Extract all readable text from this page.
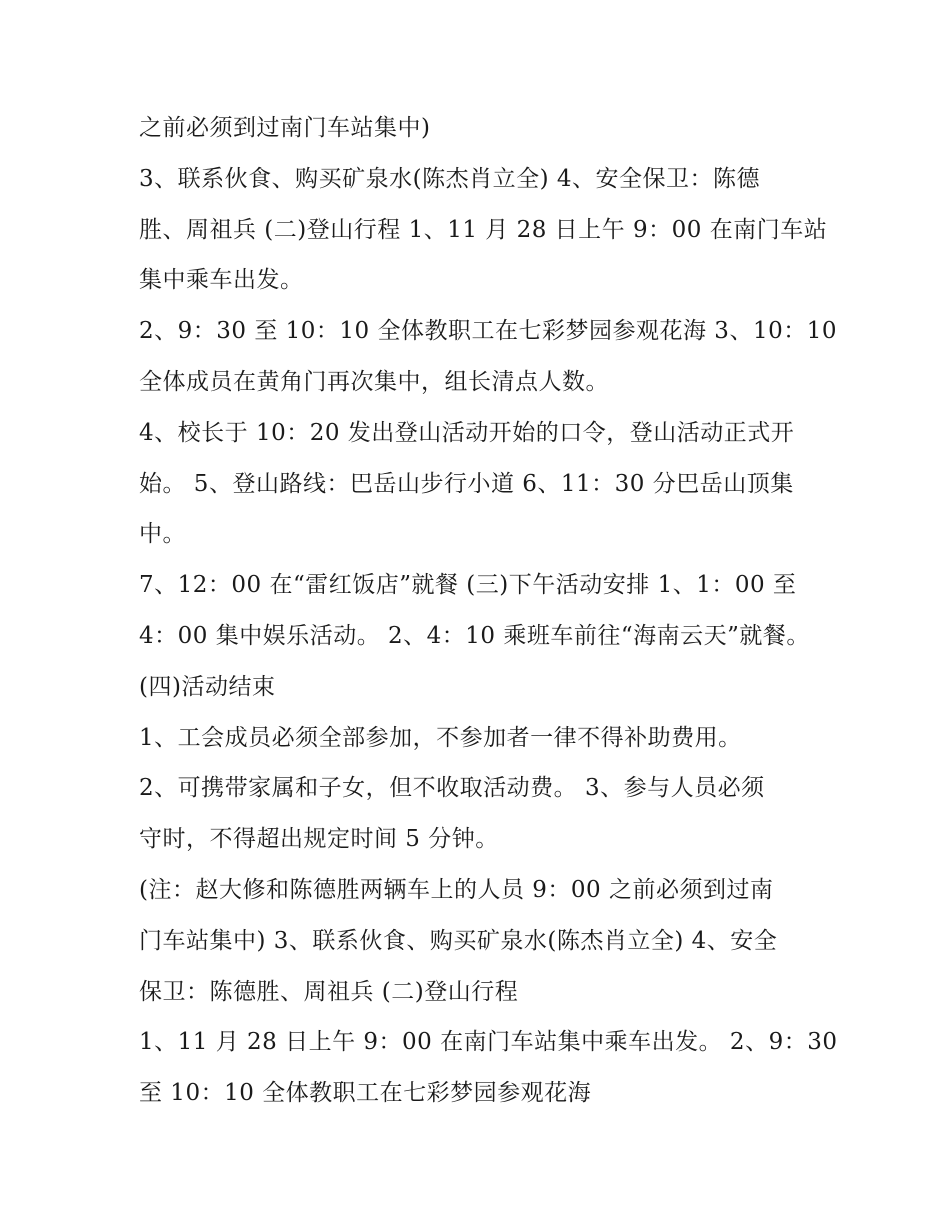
之前必须到过南门车站集中)
3、联系伙食、购买矿泉水(陈杰肖立全) 4、安全保卫：陈德
胜、周祖兵 (二)登山行程 1、11 月 28 日上午 9：00 在南门车站
集中乘车出发。
2、9：30 至 10：10 全体教职工在七彩梦园参观花海 3、10：10
全体成员在黄角门再次集中，组长清点人数。
4、校长于 10：20 发出登山活动开始的口令，登山活动正式开
始。 5、登山路线：巴岳山步行小道 6、11：30 分巴岳山顶集
中。
7、12：00 在“雷红饭店”就餐 (三)下午活动安排 1、1：00 至
4：00 集中娱乐活动。 2、4：10 乘班车前往“海南云天”就餐。
(四)活动结束
1、工会成员必须全部参加，不参加者一律不得补助费用。
2、可携带家属和子女，但不收取活动费。 3、参与人员必须
守时，不得超出规定时间 5 分钟。
(注：赵大修和陈德胜两辆车上的人员 9：00 之前必须到过南
门车站集中) 3、联系伙食、购买矿泉水(陈杰肖立全) 4、安全
保卫：陈德胜、周祖兵 (二)登山行程
1、11 月 28 日上午 9：00 在南门车站集中乘车出发。 2、9：30
至 10：10 全体教职工在七彩梦园参观花海
